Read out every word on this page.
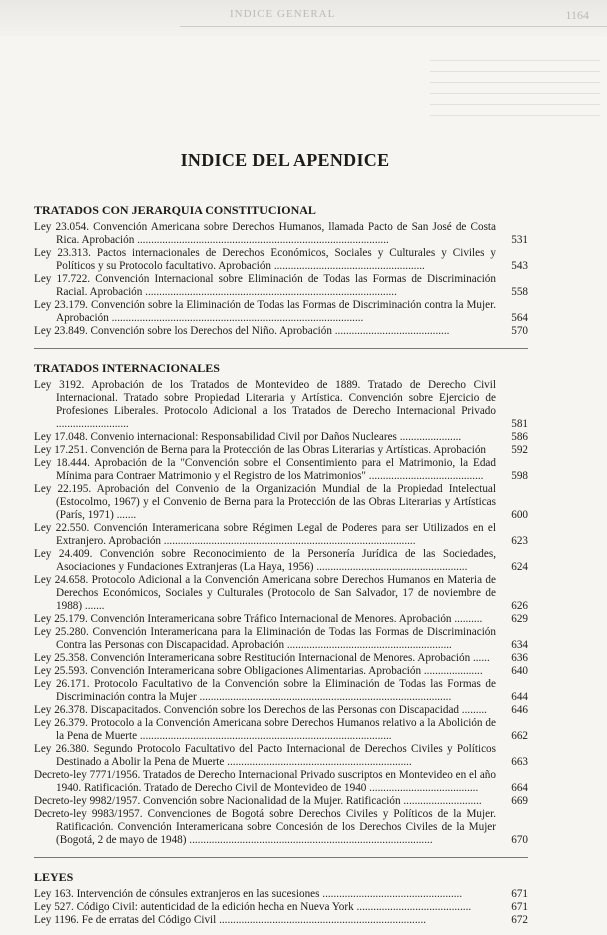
INDICE GENERAL	1164
INDICE DEL APENDICE
TRATADOS CON JERARQUIA CONSTITUCIONAL
Ley 23.054. Convención Americana sobre Derechos Humanos, llamada Pacto de San José de Costa Rica. Aprobación ..........................................................................................	531
Ley 23.313. Pactos internacionales de Derechos Económicos, Sociales y Culturales y Civiles y Políticos y su Protocolo facultativo. Aprobación ......................................................	543
Ley 17.722. Convención Internacional sobre Eliminación de Todas las Formas de Discriminación Racial. Aprobación ..........................................................................................	558
Ley 23.179. Convención sobre la Eliminación de Todas las Formas de Discriminación contra la Mujer. Aprobación ..........................................................................................	564
Ley 23.849. Convención sobre los Derechos del Niño. Aprobación .........................................	570
TRATADOS INTERNACIONALES
Ley 3192. Aprobación de los Tratados de Montevideo de 1889. Tratado de Derecho Civil Internacional. Tratado sobre Propiedad Literaria y Artística. Convención sobre Ejercicio de Profesiones Liberales. Protocolo Adicional a los Tratados de Derecho Internacional Privado ..........................	581
Ley 17.048. Convenio internacional: Responsabilidad Civil por Daños Nucleares ......................	586
Ley 17.251. Convención de Berna para la Protección de las Obras Literarias y Artísticas. Aprobación	592
Ley 18.444. Aprobación de la "Convención sobre el Consentimiento para el Matrimonio, la Edad Mínima para Contraer Matrimonio y el Registro de los Matrimonios" .........................................	598
Ley 22.195. Aprobación del Convenio de la Organización Mundial de la Propiedad Intelectual (Estocolmo, 1967) y el Convenio de Berna para la Protección de las Obras Literarias y Artísticas (París, 1971) .......	600
Ley 22.550. Convención Interamericana sobre Régimen Legal de Poderes para ser Utilizados en el Extranjero. Aprobación ..........................................................................................	623
Ley 24.409. Convención sobre Reconocimiento de la Personería Jurídica de las Sociedades, Asociaciones y Fundaciones Extranjeras (La Haya, 1956) ......................................................	624
Ley 24.658. Protocolo Adicional a la Convención Americana sobre Derechos Humanos en Materia de Derechos Económicos, Sociales y Culturales (Protocolo de San Salvador, 17 de noviembre de 1988) .......	626
Ley 25.179. Convención Interamericana sobre Tráfico Internacional de Menores. Aprobación ..........	629
Ley 25.280. Convención Interamericana para la Eliminación de Todas las Formas de Discriminación Contra las Personas con Discapacidad. Aprobación ...........................................................	634
Ley 25.358. Convención Interamericana sobre Restitución Internacional de Menores. Aprobación ......	636
Ley 25.593. Convención Interamericana sobre Obligaciones Alimentarias. Aprobación .....................	640
Ley 26.171. Protocolo Facultativo de la Convención sobre la Eliminación de Todas las Formas de Discriminación contra la Mujer ..........................................................................................	644
Ley 26.378. Discapacitados. Convención sobre los Derechos de las Personas con Discapacidad .........	646
Ley 26.379. Protocolo a la Convención Americana sobre Derechos Humanos relativo a la Abolición de la Pena de Muerte ..........................................................................................	662
Ley 26.380. Segundo Protocolo Facultativo del Pacto Internacional de Derechos Civiles y Políticos Destinado a Abolir la Pena de Muerte ..................................................................	663
Decreto-ley 7771/1956. Tratados de Derecho Internacional Privado suscriptos en Montevideo en el año 1940. Ratificación. Tratado de Derecho Civil de Montevideo de 1940 .......................................	664
Decreto-ley 9982/1957. Convención sobre Nacionalidad de la Mujer. Ratificación ............................	669
Decreto-ley 9983/1957. Convenciones de Bogotá sobre Derechos Civiles y Políticos de la Mujer. Ratificación. Convención Interamericana sobre Concesión de los Derechos Civiles de la Mujer (Bogotá, 2 de mayo de 1948) .......................................................................................	670
LEYES
Ley 163. Intervención de cónsules extranjeros en las sucesiones ..................................................	671
Ley 527. Código Civil: autenticidad de la edición hecha en Nueva York .........................................	671
Ley 1196. Fe de erratas del Código Civil ..........................................................................	672
